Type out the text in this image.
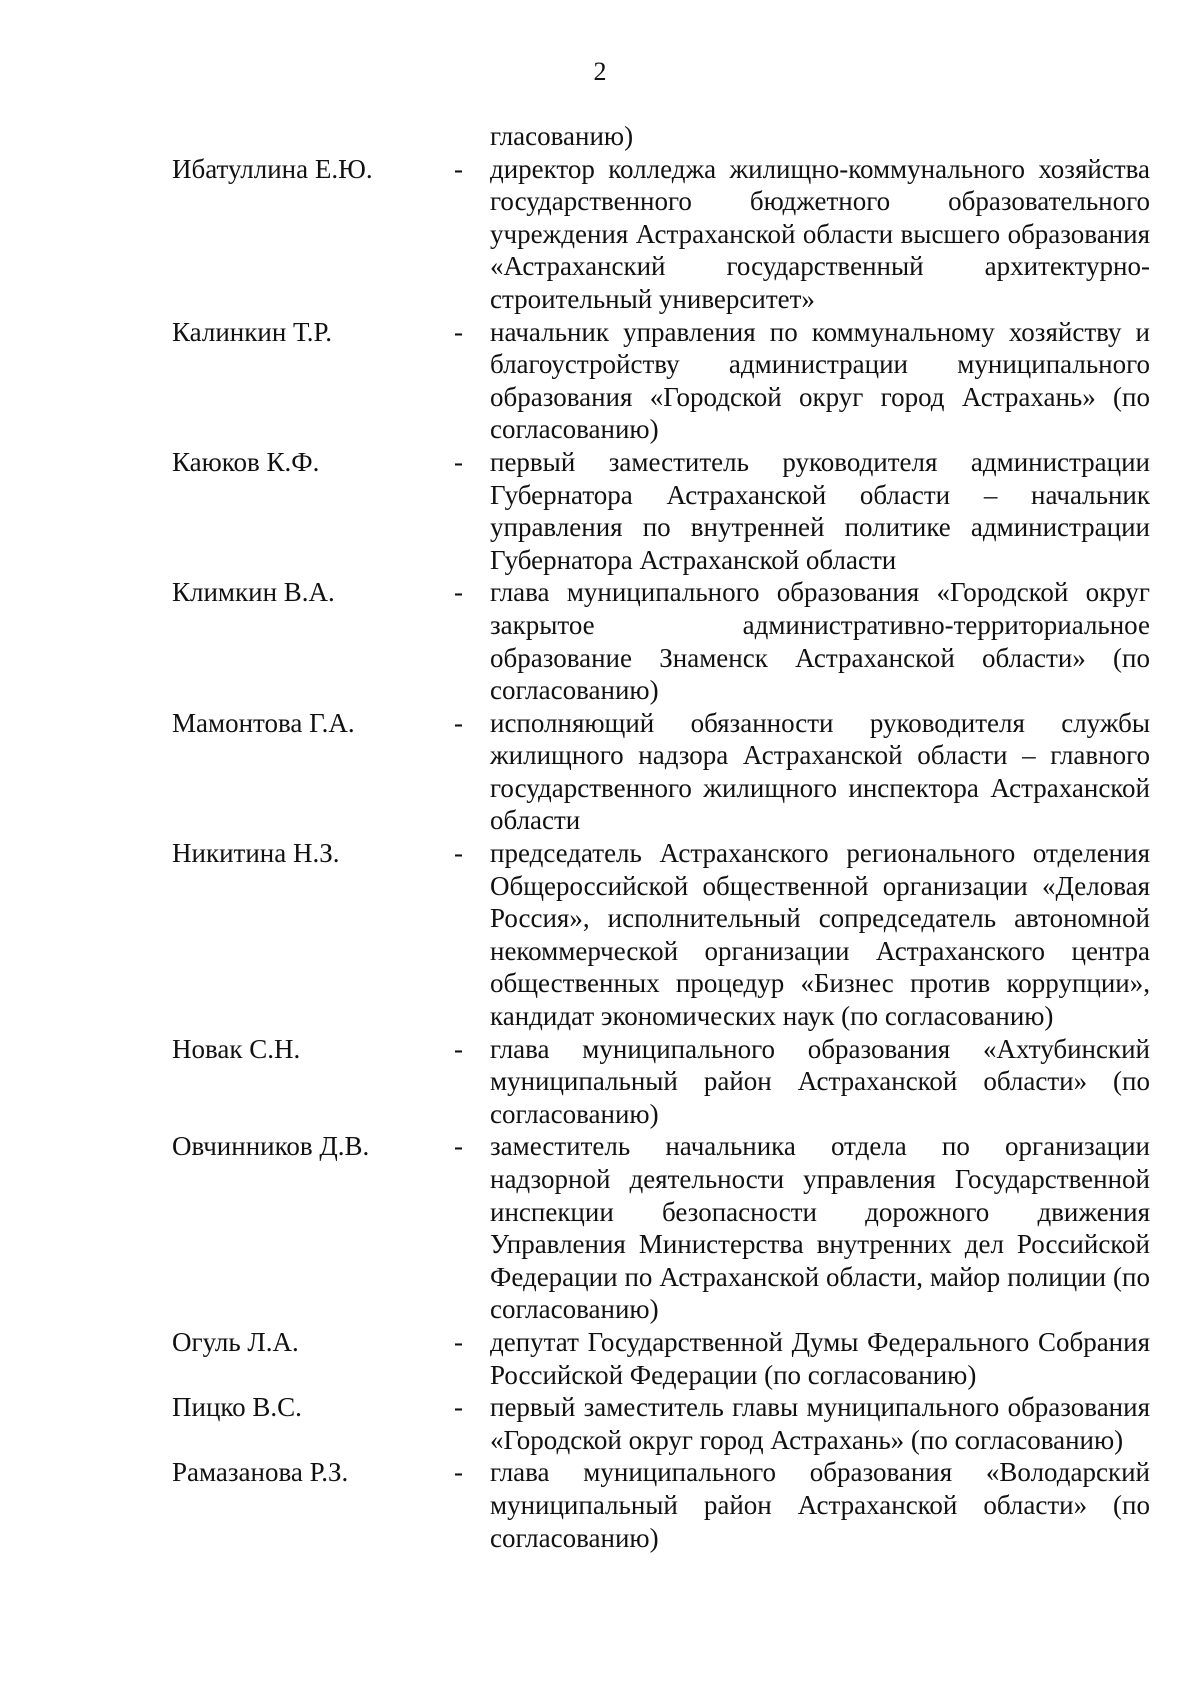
2
гласованию)
Ибатуллина Е.Ю.	-	директор колледжа жилищно-коммунального хозяйства государственного бюджетного образовательного учреждения Астраханской области высшего образования «Астраханский государственный архитектурно-строительный университет»
Калинкин Т.Р.	-	начальник управления по коммунальному хозяйству и благоустройству администрации муниципального образования «Городской округ город Астрахань» (по согласованию)
Каюков К.Ф.	-	первый заместитель руководителя администрации Губернатора Астраханской области – начальник управления по внутренней политике администрации Губернатора Астраханской области
Климкин В.А.	-	глава муниципального образования «Городской округ закрытое административно-территориальное образование Знаменск Астраханской области» (по согласованию)
Мамонтова Г.А.	-	исполняющий обязанности руководителя службы жилищного надзора Астраханской области – главного государственного жилищного инспектора Астраханской области
Никитина Н.З.	-	председатель Астраханского регионального отделения Общероссийской общественной организации «Деловая Россия», исполнительный сопредседатель автономной некоммерческой организации Астраханского центра общественных процедур «Бизнес против коррупции», кандидат экономических наук (по согласованию)
Новак С.Н.	-	глава муниципального образования «Ахтубинский муниципальный район Астраханской области» (по согласованию)
Овчинников Д.В.	-	заместитель начальника отдела по организации надзорной деятельности управления Государственной инспекции безопасности дорожного движения Управления Министерства внутренних дел Российской Федерации по Астраханской области, майор полиции (по согласованию)
Огуль Л.А.	-	депутат Государственной Думы Федерального Собрания Российской Федерации (по согласованию)
Пицко В.С.	-	первый заместитель главы муниципального образования «Городской округ город Астрахань» (по согласованию)
Рамазанова Р.З.	-	глава муниципального образования «Володарский муниципальный район Астраханской области» (по согласованию)
